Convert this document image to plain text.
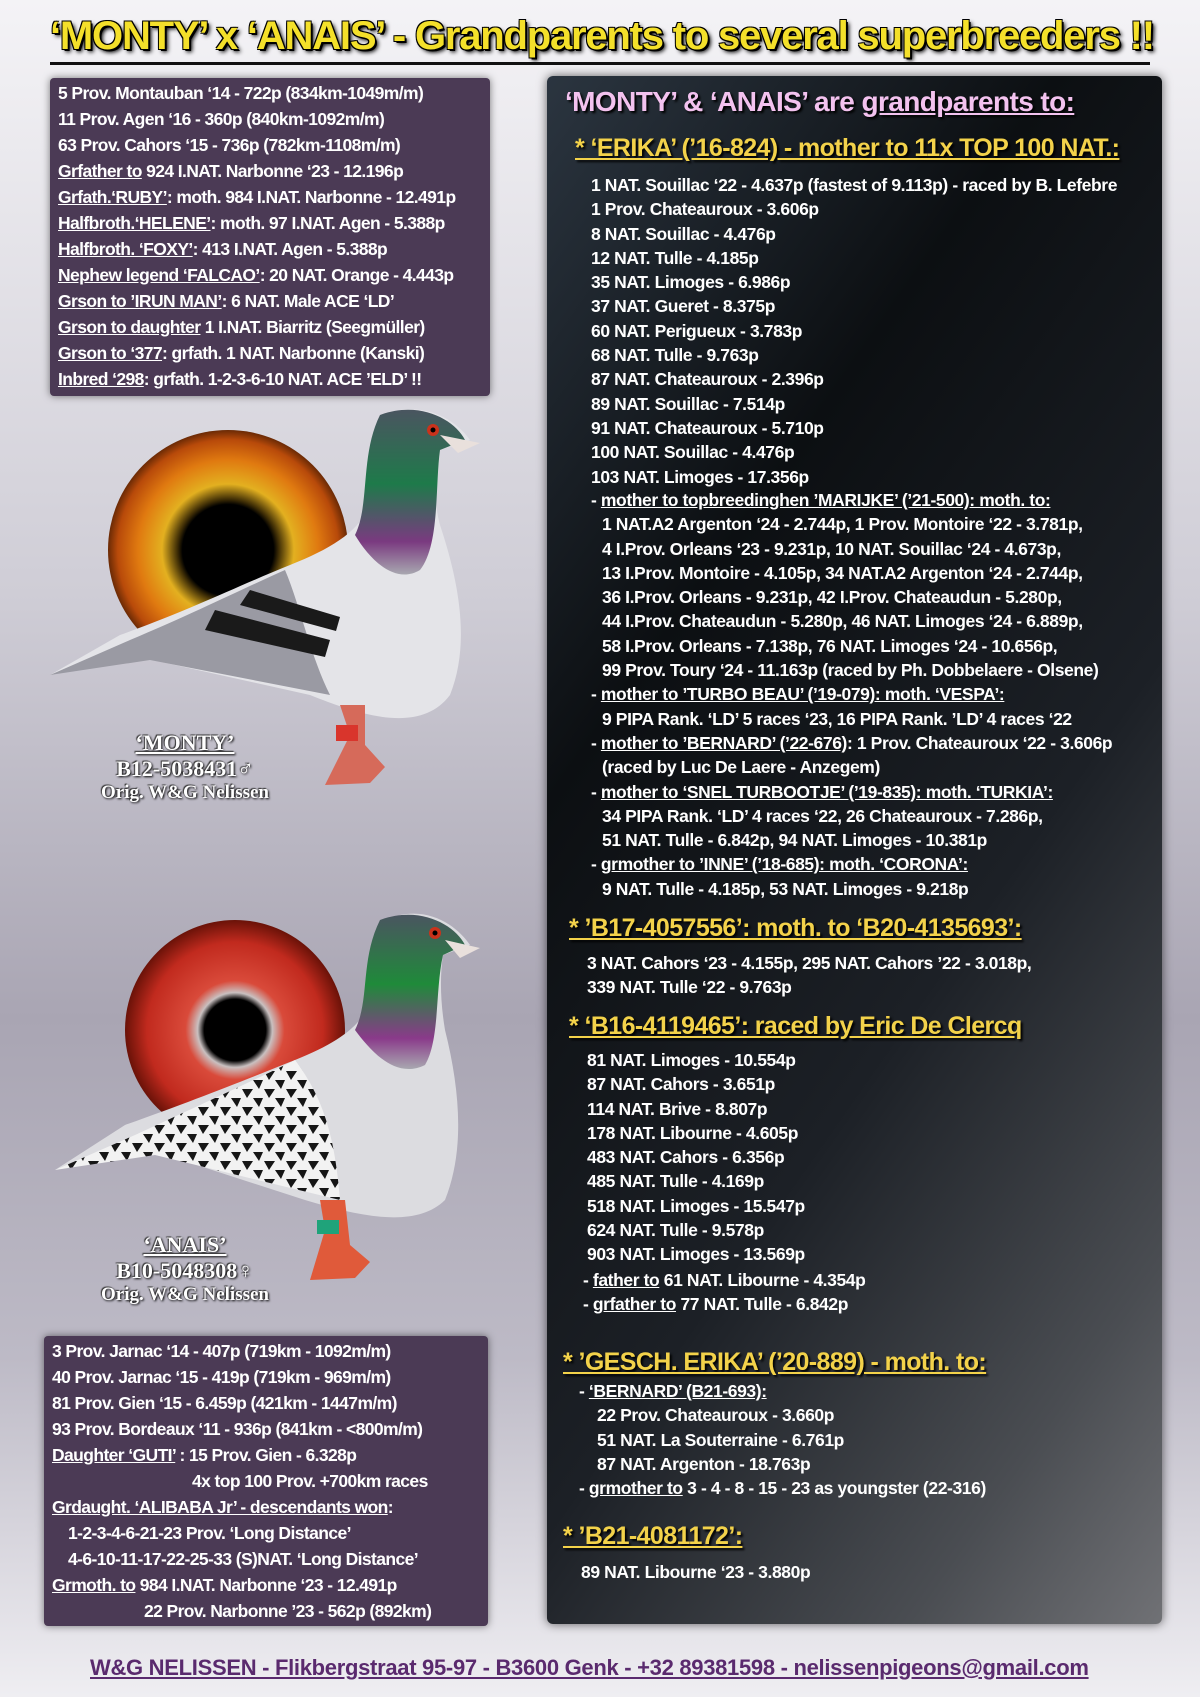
‘MONTY’ x ‘ANAIS’ - Grandparents to several superbreeders !!
5 Prov. Montauban ‘14 - 722p (834km-1049m/m)
11 Prov. Agen ‘16 - 360p (840km-1092m/m)
63 Prov. Cahors ‘15 - 736p (782km-1108m/m)
Grfather to 924 I.NAT. Narbonne ‘23 - 12.196p
Grfath.‘RUBY’: moth. 984 I.NAT. Narbonne - 12.491p
Halfbroth.‘HELENE’: moth. 97 I.NAT. Agen - 5.388p
Halfbroth. ‘FOXY’: 413 I.NAT. Agen - 5.388p
Nephew legend ‘FALCAO’: 20 NAT. Orange - 4.443p
Grson to ’IRUN MAN’: 6 NAT. Male ACE ‘LD’
Grson to daughter 1 I.NAT. Biarritz (Seegmüller)
Grson to ‘377: grfath. 1 NAT. Narbonne (Kanski)
Inbred ‘298: grfath. 1-2-3-6-10 NAT. ACE ’ELD’ !!
‘MONTY’
B12-5038431♂
Orig. W&G Nelissen
‘ANAIS’
B10-5048308♀
Orig. W&G Nelissen
3 Prov. Jarnac ‘14 - 407p (719km - 1092m/m)
40 Prov. Jarnac ‘15 - 419p (719km - 969m/m)
81 Prov. Gien ‘15 - 6.459p (421km - 1447m/m)
93 Prov. Bordeaux ‘11 - 936p (841km - <800m/m)
Daughter ‘GUTI’ : 15 Prov. Gien - 6.328p
4x top 100 Prov. +700km races
Grdaught. ‘ALIBABA Jr’ - descendants won:
1-2-3-4-6-21-23 Prov. ‘Long Distance’
4-6-10-11-17-22-25-33 (S)NAT. ‘Long Distance’
Grmoth. to 984 I.NAT. Narbonne ‘23 - 12.491p
22 Prov. Narbonne ’23 - 562p (892km)
‘MONTY’ & ‘ANAIS’ are grandparents to:
* ‘ERIKA’ (’16-824) - mother to 11x TOP 100 NAT.:
1 NAT. Souillac ‘22 - 4.637p (fastest of 9.113p) - raced by B. Lefebre
1 Prov. Chateauroux - 3.606p
8 NAT. Souillac - 4.476p
12 NAT. Tulle - 4.185p
35 NAT. Limoges - 6.986p
37 NAT. Gueret - 8.375p
60 NAT. Perigueux - 3.783p
68 NAT. Tulle - 9.763p
87 NAT. Chateauroux - 2.396p
89 NAT. Souillac - 7.514p
91 NAT. Chateauroux - 5.710p
100 NAT. Souillac - 4.476p
103 NAT. Limoges - 17.356p
- mother to topbreedinghen ’MARIJKE’ (’21-500): moth. to:
1 NAT.A2 Argenton ‘24 - 2.744p, 1 Prov. Montoire ‘22 - 3.781p,
4 I.Prov. Orleans ‘23 - 9.231p, 10 NAT. Souillac ‘24 - 4.673p,
13 I.Prov. Montoire - 4.105p, 34 NAT.A2 Argenton ‘24 - 2.744p,
36 I.Prov. Orleans - 9.231p, 42 I.Prov. Chateaudun - 5.280p,
44 I.Prov. Chateaudun - 5.280p, 46 NAT. Limoges ‘24 - 6.889p,
58 I.Prov. Orleans - 7.138p, 76 NAT. Limoges ‘24 - 10.656p,
99 Prov. Toury ‘24 - 11.163p (raced by Ph. Dobbelaere - Olsene)
- mother to ’TURBO BEAU’ (’19-079): moth. ‘VESPA’:
9 PIPA Rank. ‘LD’ 5 races ‘23, 16 PIPA Rank. ’LD’ 4 races ‘22
- mother to ’BERNARD’ (’22-676): 1 Prov. Chateauroux ‘22 - 3.606p
(raced by Luc De Laere - Anzegem)
- mother to ‘SNEL TURBOOTJE’ (’19-835): moth. ‘TURKIA’:
34 PIPA Rank. ‘LD’ 4 races ‘22, 26 Chateauroux - 7.286p,
51 NAT. Tulle - 6.842p, 94 NAT. Limoges - 10.381p
- grmother to ’INNE’ (’18-685): moth. ‘CORONA’:
9 NAT. Tulle - 4.185p, 53 NAT. Limoges - 9.218p
* ’B17-4057556’: moth. to ‘B20-4135693’:
3 NAT. Cahors ‘23 - 4.155p, 295 NAT. Cahors ’22 - 3.018p,
339 NAT. Tulle ‘22 - 9.763p
* ‘B16-4119465’: raced by Eric De Clercq
81 NAT. Limoges - 10.554p
87 NAT. Cahors - 3.651p
114 NAT. Brive - 8.807p
178 NAT. Libourne - 4.605p
483 NAT. Cahors - 6.356p
485 NAT. Tulle - 4.169p
518 NAT. Limoges - 15.547p
624 NAT. Tulle - 9.578p
903 NAT. Limoges - 13.569p
- father to 61 NAT. Libourne - 4.354p
- grfather to 77 NAT. Tulle - 6.842p
* ’GESCH. ERIKA’ (’20-889) - moth. to:
- ‘BERNARD’ (B21-693):
22 Prov. Chateauroux - 3.660p
51 NAT. La Souterraine - 6.761p
87 NAT. Argenton - 18.763p
- grmother to 3 - 4 - 8 - 15 - 23 as youngster (22-316)
* ’B21-4081172’:
89 NAT. Libourne ‘23 - 3.880p
W&G NELISSEN - Flikbergstraat 95-97 - B3600 Genk - +32 89381598 - nelissenpigeons@gmail.com
